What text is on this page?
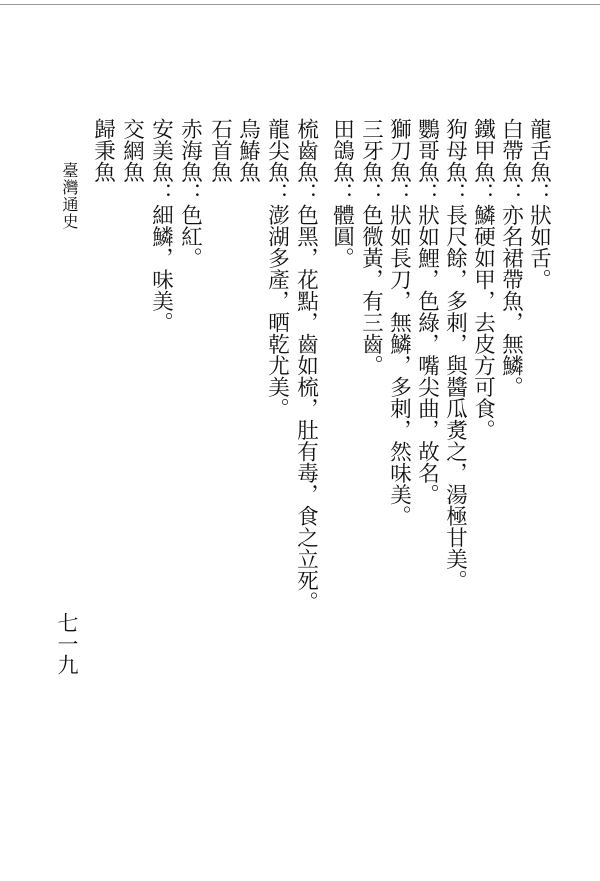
龍舌魚：狀如舌。
白帶魚：亦名裙帶魚，無鱗。
鐵甲魚：鱗硬如甲，去皮方可食。
狗母魚：長尺餘，多刺，與醬瓜煑之，湯極甘美。
鸚哥魚：狀如鯉，色綠，嘴尖曲，故名。
獅刀魚：狀如長刀，無鱗，多刺，然味美。
三牙魚：色微黃，有三齒。
田鴿魚：體圓。
梳齒魚：色黑，花點，齒如梳，肚有毒，食之立死。
龍尖魚：澎湖多產，晒乾尤美。
烏鰆魚
石首魚
赤海魚：色紅。
安美魚：細鱗，味美。
交網魚
歸秉魚
臺灣通史
七一九
